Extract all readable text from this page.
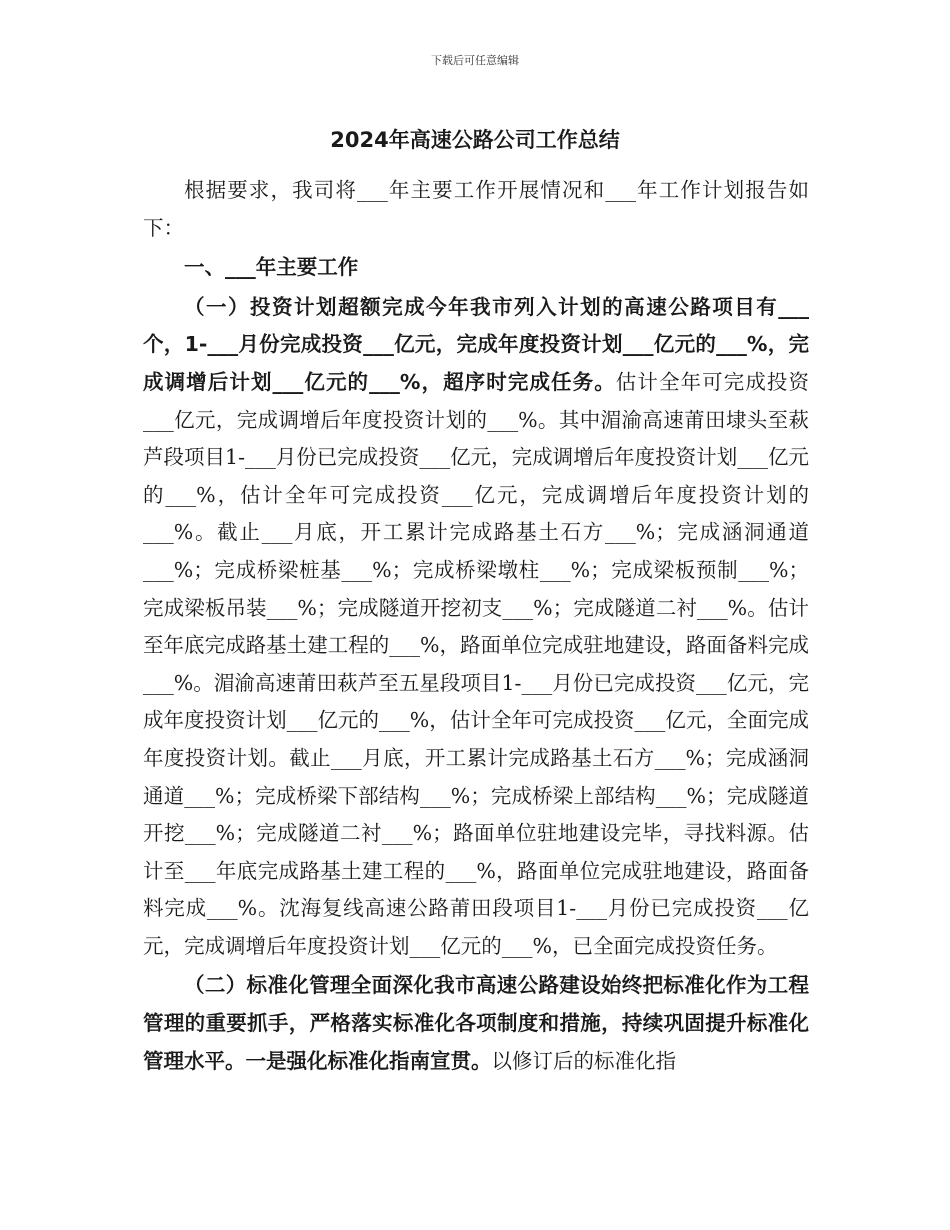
下载后可任意编辑
2024年高速公路公司工作总结

根据要求，我司将___年主要工作开展情况和___年工作计划报告如下：

一、___年主要工作

（一）投资计划超额完成今年我市列入计划的高速公路项目有___个，1-___月份完成投资___亿元，完成年度投资计划___亿元的___%，完成调增后计划___亿元的___%，超序时完成任务。估计全年可完成投资___亿元，完成调增后年度投资计划的___%。其中湄渝高速莆田埭头至萩芦段项目1-___月份已完成投资___亿元，完成调增后年度投资计划___亿元的___%，估计全年可完成投资___亿元，完成调增后年度投资计划的___%。截止___月底，开工累计完成路基土石方___%；完成涵洞通道___%；完成桥梁桩基___%；完成桥梁墩柱___%；完成梁板预制___%；完成梁板吊装___%；完成隧道开挖初支___%；完成隧道二衬___%。估计至年底完成路基土建工程的___%，路面单位完成驻地建设，路面备料完成___%。湄渝高速莆田萩芦至五星段项目1-___月份已完成投资___亿元，完成年度投资计划___亿元的___%，估计全年可完成投资___亿元，全面完成年度投资计划。截止___月底，开工累计完成路基土石方___%；完成涵洞通道___%；完成桥梁下部结构___%；完成桥梁上部结构___%；完成隧道开挖___%；完成隧道二衬___%；路面单位驻地建设完毕，寻找料源。估计至___年底完成路基土建工程的___%，路面单位完成驻地建设，路面备料完成___%。沈海复线高速公路莆田段项目1-___月份已完成投资___亿元，完成调增后年度投资计划___亿元的___%，已全面完成投资任务。

（二）标准化管理全面深化我市高速公路建设始终把标准化作为工程管理的重要抓手，严格落实标准化各项制度和措施，持续巩固提升标准化管理水平。一是强化标准化指南宣贯。以修订后的标准化指
